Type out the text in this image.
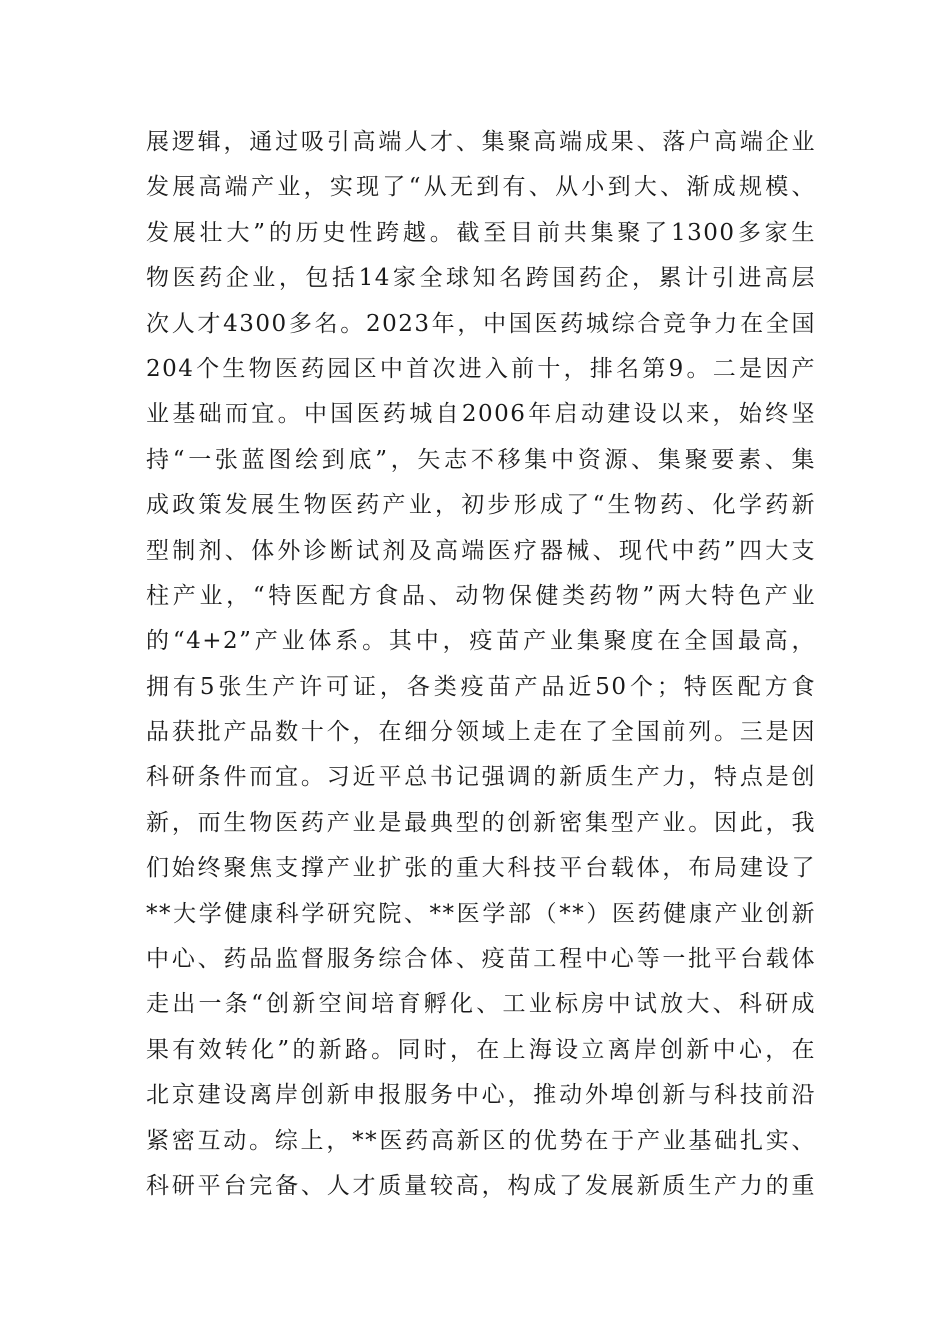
展逻辑，通过吸引高端人才、集聚高端成果、落户高端企业
发展高端产业，实现了“从无到有、从小到大、渐成规模、
发展壮大”的历史性跨越。截至目前共集聚了1300多家生
物医药企业，包括14家全球知名跨国药企，累计引进高层
次人才4300多名。2023年，中国医药城综合竞争力在全国
204个生物医药园区中首次进入前十，排名第9。二是因产
业基础而宜。中国医药城自2006年启动建设以来，始终坚
持“一张蓝图绘到底”，矢志不移集中资源、集聚要素、集
成政策发展生物医药产业，初步形成了“生物药、化学药新
型制剂、体外诊断试剂及高端医疗器械、现代中药”四大支
柱产业，“特医配方食品、动物保健类药物”两大特色产业
的“4+2”产业体系。其中，疫苗产业集聚度在全国最高，
拥有5张生产许可证，各类疫苗产品近50个；特医配方食
品获批产品数十个，在细分领域上走在了全国前列。三是因
科研条件而宜。习近平总书记强调的新质生产力，特点是创
新，而生物医药产业是最典型的创新密集型产业。因此，我
们始终聚焦支撑产业扩张的重大科技平台载体，布局建设了
**大学健康科学研究院、**医学部（**）医药健康产业创新
中心、药品监督服务综合体、疫苗工程中心等一批平台载体
走出一条“创新空间培育孵化、工业标房中试放大、科研成
果有效转化”的新路。同时，在上海设立离岸创新中心，在
北京建设离岸创新申报服务中心，推动外埠创新与科技前沿
紧密互动。综上，**医药高新区的优势在于产业基础扎实、
科研平台完备、人才质量较高，构成了发展新质生产力的重
